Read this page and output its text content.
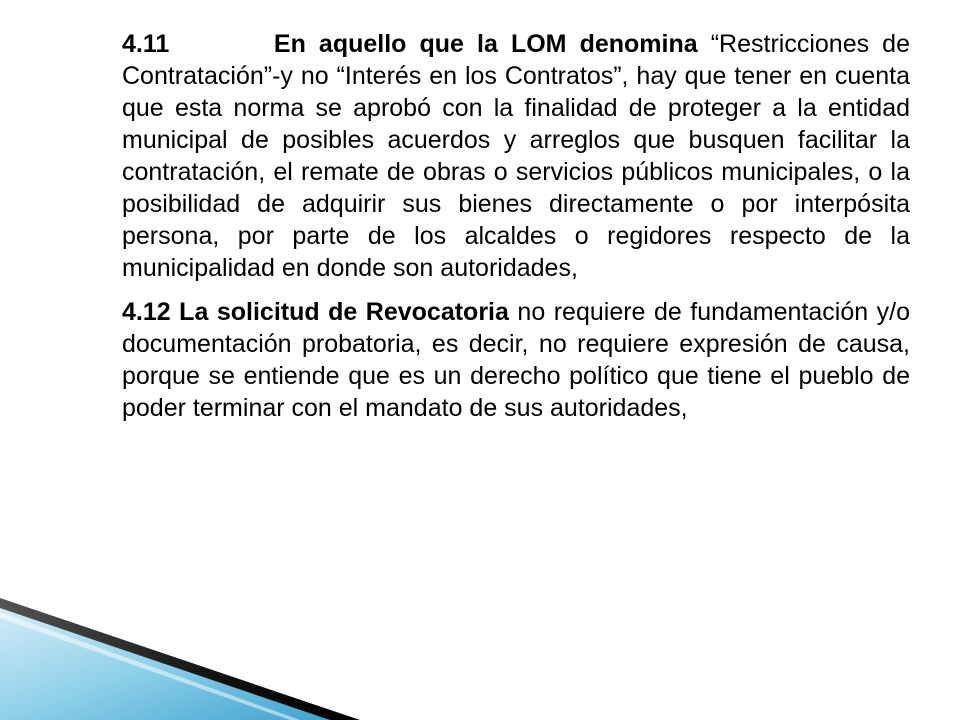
4.11	En aquello que la LOM denomina “Restricciones de Contratación”-y no “Interés en los Contratos”, hay que tener en cuenta que esta norma se aprobó con la finalidad de proteger a la entidad municipal de posibles acuerdos y arreglos que busquen facilitar la contratación, el remate de obras o servicios públicos municipales, o la posibilidad de adquirir sus bienes directamente o por interpósita persona, por parte de los alcaldes o regidores respecto de la municipalidad en donde son autoridades,

4.12 La solicitud de Revocatoria no requiere de fundamentación y/o documentación probatoria, es decir, no requiere expresión de causa, porque se entiende que es un derecho político que tiene el pueblo de poder terminar con el mandato de sus autoridades,
